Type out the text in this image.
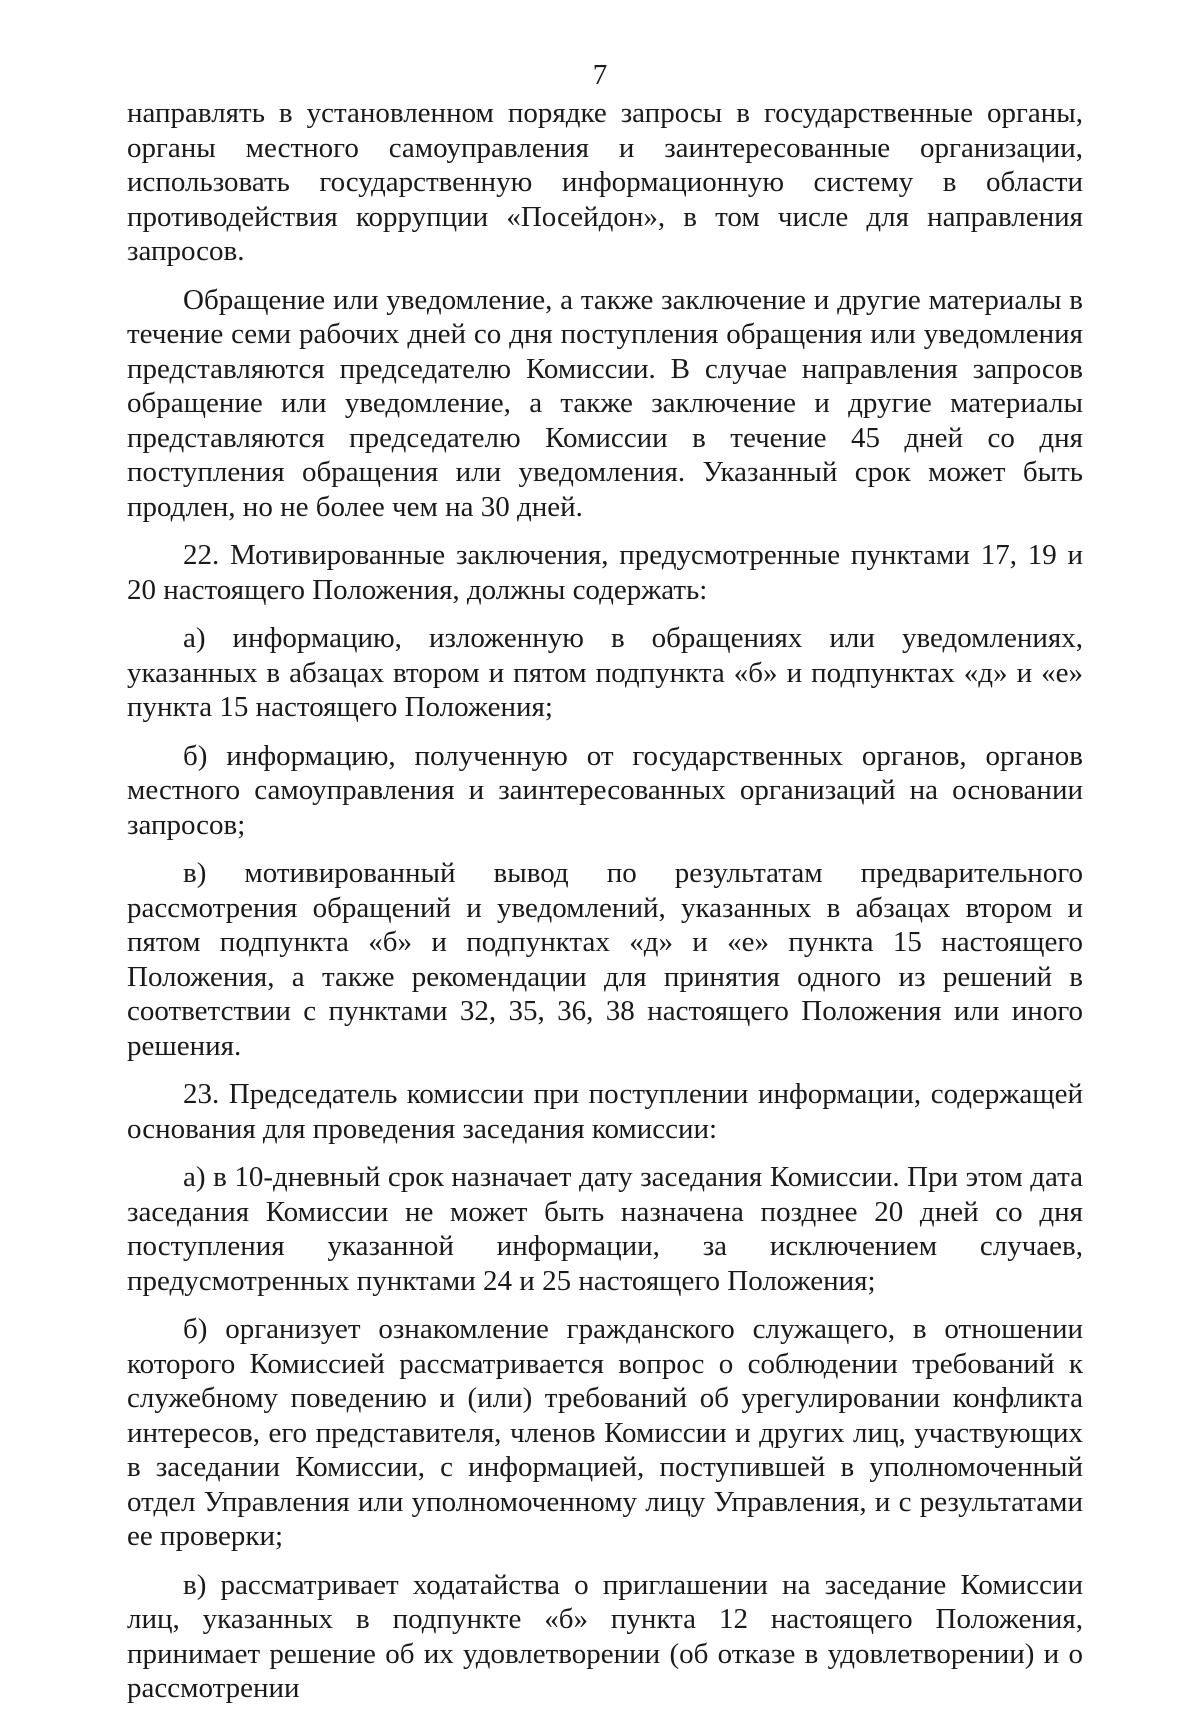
7

направлять в установленном порядке запросы в государственные органы, органы местного самоуправления и заинтересованные организации, использовать государственную информационную систему в области противодействия коррупции «Посейдон», в том числе для направления запросов.

Обращение или уведомление, а также заключение и другие материалы в течение семи рабочих дней со дня поступления обращения или уведомления представляются председателю Комиссии. В случае направления запросов обращение или уведомление, а также заключение и другие материалы представляются председателю Комиссии в течение 45 дней со дня поступления обращения или уведомления. Указанный срок может быть продлен, но не более чем на 30 дней.

22. Мотивированные заключения, предусмотренные пунктами 17, 19 и 20 настоящего Положения, должны содержать:

а) информацию, изложенную в обращениях или уведомлениях, указанных в абзацах втором и пятом подпункта «б» и подпунктах «д» и «е» пункта 15 настоящего Положения;

б) информацию, полученную от государственных органов, органов местного самоуправления и заинтересованных организаций на основании запросов;

в) мотивированный вывод по результатам предварительного рассмотрения обращений и уведомлений, указанных в абзацах втором и пятом подпункта «б» и подпунктах «д» и «е» пункта 15 настоящего Положения, а также рекомендации для принятия одного из решений в соответствии с пунктами 32, 35, 36, 38 настоящего Положения или иного решения.

23. Председатель комиссии при поступлении информации, содержащей основания для проведения заседания комиссии:

а) в 10-дневный срок назначает дату заседания Комиссии. При этом дата заседания Комиссии не может быть назначена позднее 20 дней со дня поступления указанной информации, за исключением случаев, предусмотренных пунктами 24 и 25 настоящего Положения;

б) организует ознакомление гражданского служащего, в отношении которого Комиссией рассматривается вопрос о соблюдении требований к служебному поведению и (или) требований об урегулировании конфликта интересов, его представителя, членов Комиссии и других лиц, участвующих в заседании Комиссии, с информацией, поступившей в уполномоченный отдел Управления или уполномоченному лицу Управления, и с результатами ее проверки;

в) рассматривает ходатайства о приглашении на заседание Комиссии лиц, указанных в подпункте «б» пункта 12 настоящего Положения, принимает решение об их удовлетворении (об отказе в удовлетворении) и о рассмотрении
